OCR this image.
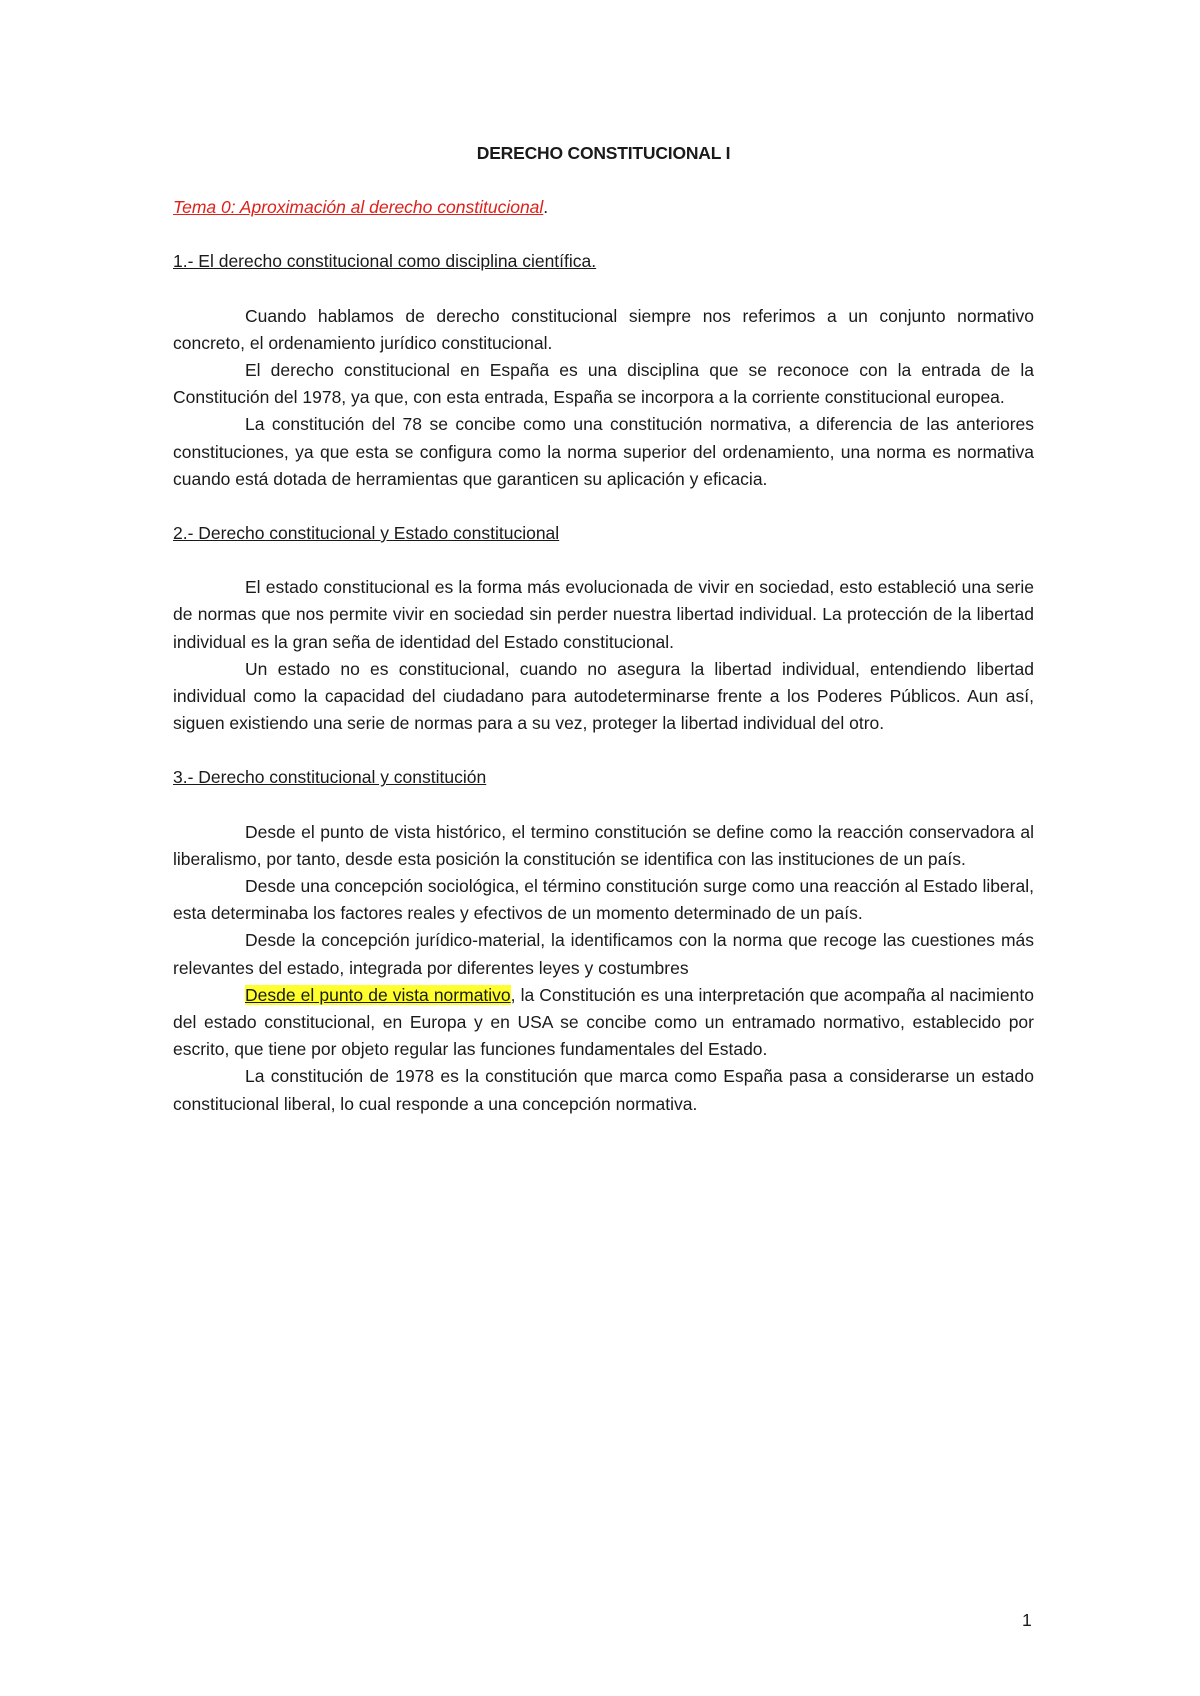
DERECHO CONSTITUCIONAL I

Tema 0: Aproximación al derecho constitucional.

1.- El derecho constitucional como disciplina científica.

Cuando hablamos de derecho constitucional siempre nos referimos a un conjunto normativo concreto, el ordenamiento jurídico constitucional.

El derecho constitucional en España es una disciplina que se reconoce con la entrada de la Constitución del 1978, ya que, con esta entrada, España se incorpora a la corriente constitucional europea.

La constitución del 78 se concibe como una constitución normativa, a diferencia de las anteriores constituciones, ya que esta se configura como la norma superior del ordenamiento, una norma es normativa cuando está dotada de herramientas que garanticen su aplicación y eficacia.

2.- Derecho constitucional y Estado constitucional

El estado constitucional es la forma más evolucionada de vivir en sociedad, esto estableció una serie de normas que nos permite vivir en sociedad sin perder nuestra libertad individual. La protección de la libertad individual es la gran seña de identidad del Estado constitucional.

Un estado no es constitucional, cuando no asegura la libertad individual, entendiendo libertad individual como la capacidad del ciudadano para autodeterminarse frente a los Poderes Públicos. Aun así, siguen existiendo una serie de normas para a su vez, proteger la libertad individual del otro.

3.- Derecho constitucional y constitución

Desde el punto de vista histórico, el termino constitución se define como la reacción conservadora al liberalismo, por tanto, desde esta posición la constitución se identifica con las instituciones de un país.

Desde una concepción sociológica, el término constitución surge como una reacción al Estado liberal, esta determinaba los factores reales y efectivos de un momento determinado de un país.

Desde la concepción jurídico-material, la identificamos con la norma que recoge las cuestiones más relevantes del estado, integrada por diferentes leyes y costumbres

Desde el punto de vista normativo, la Constitución es una interpretación que acompaña al nacimiento del estado constitucional, en Europa y en USA se concibe como un entramado normativo, establecido por escrito, que tiene por objeto regular las funciones fundamentales del Estado.

La constitución de 1978 es la constitución que marca como España pasa a considerarse un estado constitucional liberal, lo cual responde a una concepción normativa.

1
